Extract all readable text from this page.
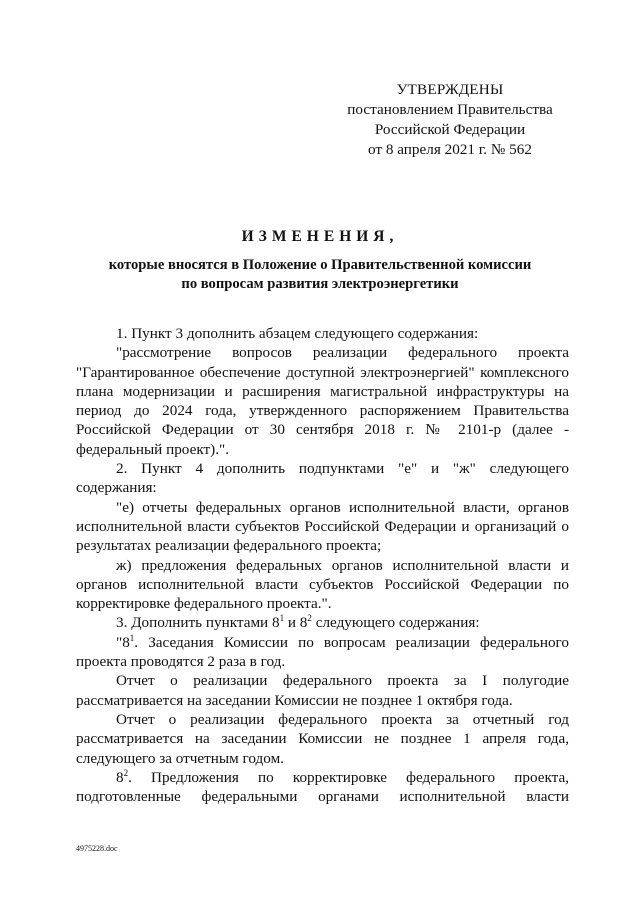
УТВЕРЖДЕНЫ
постановлением Правительства
Российской Федерации
от 8 апреля 2021 г. № 562
ИЗМЕНЕНИЯ,
которые вносятся в Положение о Правительственной комиссии
по вопросам развития электроэнергетики

1. Пункт 3 дополнить абзацем следующего содержания:

"рассмотрение вопросов реализации федерального проекта "Гарантированное обеспечение доступной электроэнергией" комплексного плана модернизации и расширения магистральной инфраструктуры на период до 2024 года, утвержденного распоряжением Правительства Российской Федерации от 30 сентября 2018 г. № 2101-р (далее - федеральный проект).".

2. Пункт 4 дополнить подпунктами "е" и "ж" следующего содержания:

"е) отчеты федеральных органов исполнительной власти, органов исполнительной власти субъектов Российской Федерации и организаций о результатах реализации федерального проекта;

ж) предложения федеральных органов исполнительной власти и органов исполнительной власти субъектов Российской Федерации по корректировке федерального проекта.".

3. Дополнить пунктами $8^1$ и $8^2$ следующего содержания:

"$8^1$. Заседания Комиссии по вопросам реализации федерального проекта проводятся 2 раза в год.

Отчет о реализации федерального проекта за I полугодие рассматривается на заседании Комиссии не позднее 1 октября года.

Отчет о реализации федерального проекта за отчетный год рассматривается на заседании Комиссии не позднее 1 апреля года, следующего за отчетным годом.

$8^2$. Предложения по корректировке федерального проекта, подготовленные федеральными органами исполнительной власти

4975228.doc
